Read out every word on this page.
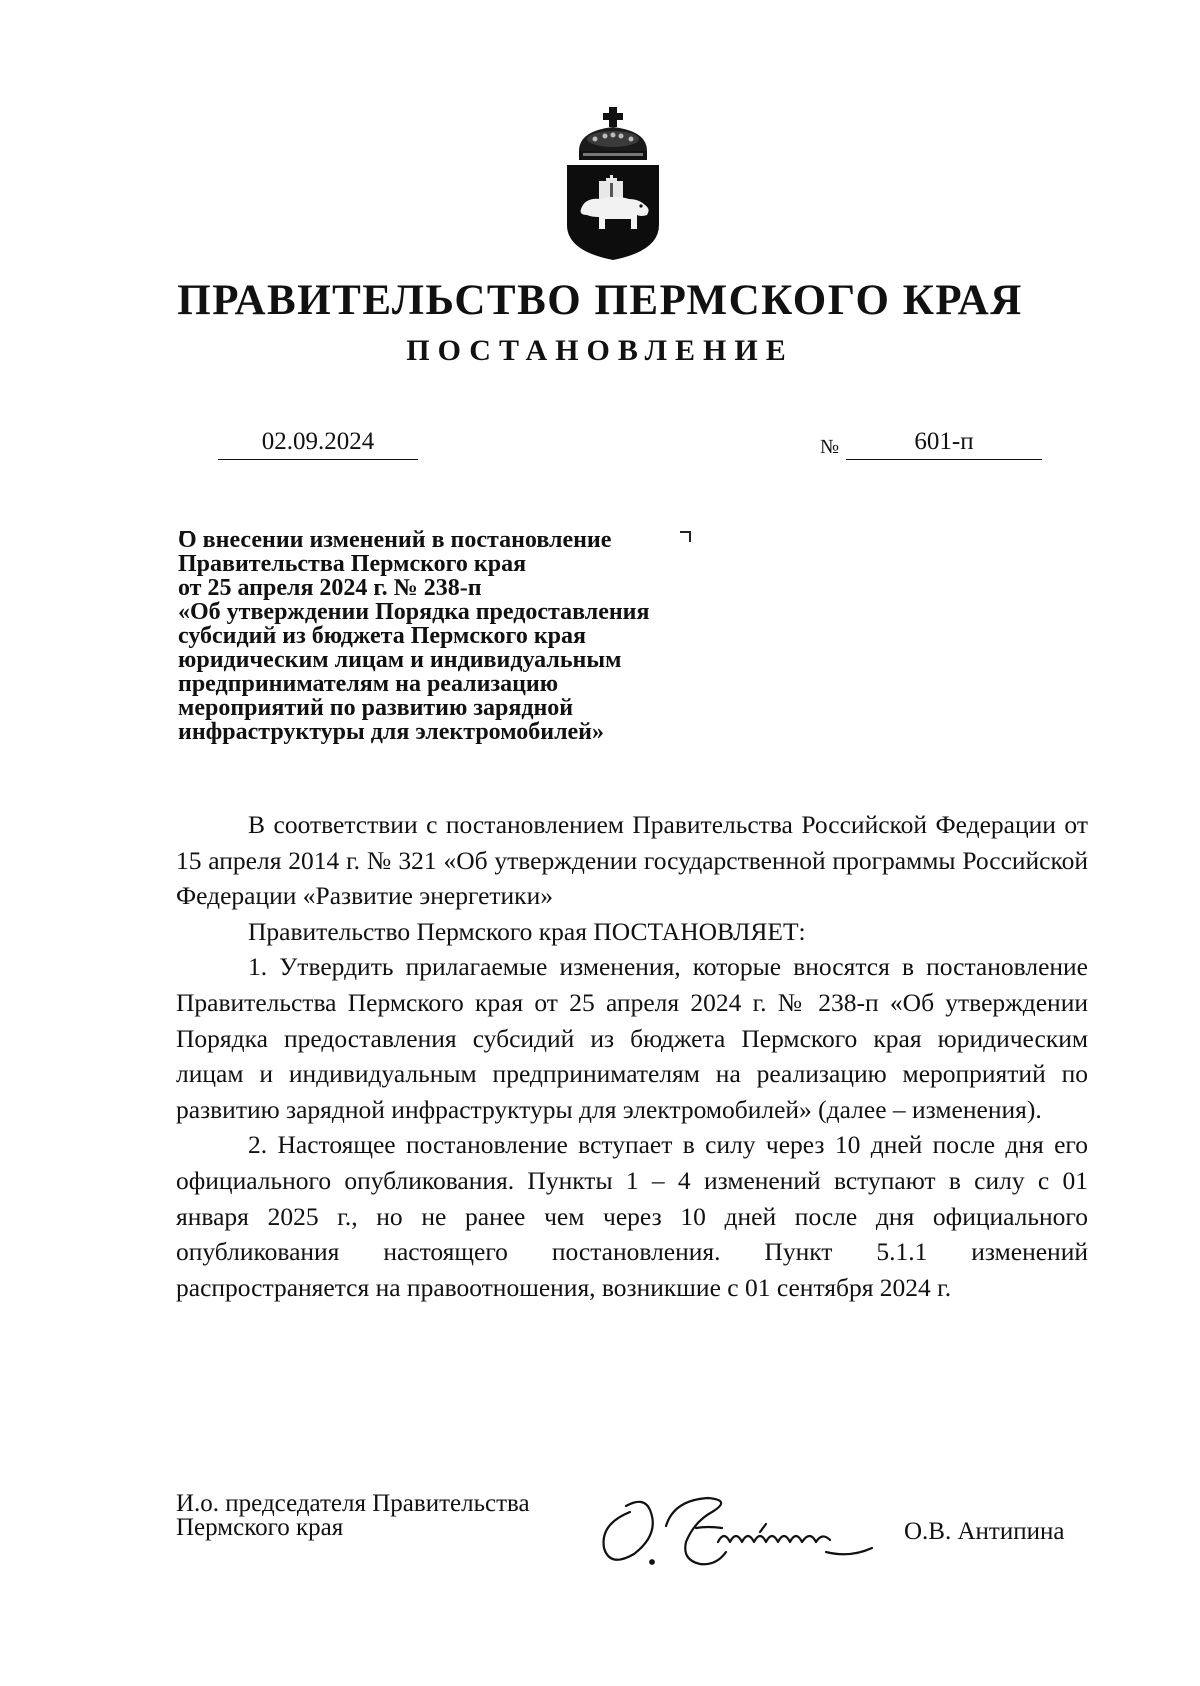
ПРАВИТЕЛЬСТВО ПЕРМСКОГО КРАЯ
ПОСТАНОВЛЕНИЕ
02.09.2024	№	601-п
О внесении изменений в постановление
Правительства Пермского края
от 25 апреля 2024 г. № 238-п
«Об утверждении Порядка предоставления
субсидий из бюджета Пермского края
юридическим лицам и индивидуальным
предпринимателям на реализацию
мероприятий по развитию зарядной
инфраструктуры для электромобилей»

В соответствии с постановлением Правительства Российской Федерации от 15 апреля 2014 г. № 321 «Об утверждении государственной программы Российской Федерации «Развитие энергетики»

Правительство Пермского края ПОСТАНОВЛЯЕТ:

1. Утвердить прилагаемые изменения, которые вносятся в постановление Правительства Пермского края от 25 апреля 2024 г. № 238-п «Об утверждении Порядка предоставления субсидий из бюджета Пермского края юридическим лицам и индивидуальным предпринимателям на реализацию мероприятий по развитию зарядной инфраструктуры для электромобилей» (далее – изменения).

2. Настоящее постановление вступает в силу через 10 дней после дня его официального опубликования. Пункты 1 – 4 изменений вступают в силу с 01 января 2025 г., но не ранее чем через 10 дней после дня официального опубликования настоящего постановления. Пункт 5.1.1 изменений распространяется на правоотношения, возникшие с 01 сентября 2024 г.

И.о. председателя Правительства
Пермского края	О.В. Антипина
